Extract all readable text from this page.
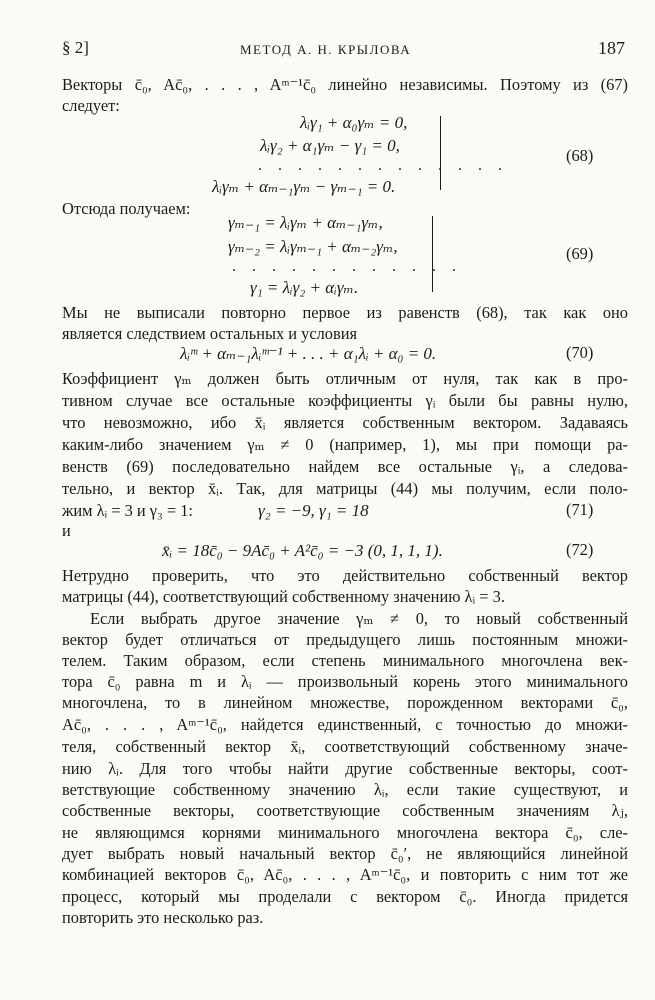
§ 2]	МЕТОД А. Н. КРЫЛОВА	187
Векторы c̄₀, Ac̄₀, . . . , Aᵐ⁻¹c̄₀ линейно независимы. Поэтому из (67)
следует:
λᵢγ₁ + α₀γₘ = 0,
λᵢγ₂ + α₁γₘ − γ₁ = 0,
. . . . . . . . . . . . .
λᵢγₘ + αₘ₋₁γₘ − γₘ₋₁ = 0.
(68)
Отсюда получаем:
γₘ₋₁ = λᵢγₘ + αₘ₋₁γₘ,
γₘ₋₂ = λᵢγₘ₋₁ + αₘ₋₂γₘ,
. . . . . . . . . . . .
γ₁ = λᵢγ₂ + αᵢγₘ.
(69)
Мы не выписали повторно первое из равенств (68), так как оно
является следствием остальных и условия
λᵢᵐ + αₘ₋₁λᵢᵐ⁻¹ + . . . + α₁λᵢ + α₀ = 0.	(70)
Коэффициент γₘ должен быть отличным от нуля, так как в про-
тивном случае все остальные коэффициенты γᵢ были бы равны нулю,
что невозможно, ибо x̄ᵢ является собственным вектором. Задаваясь
каким-либо значением γₘ ≠ 0 (например, 1), мы при помощи ра-
венств (69) последовательно найдем все остальные γᵢ, а следова-
тельно, и вектор x̄ᵢ. Так, для матрицы (44) мы получим, если поло-
жим λᵢ = 3 и γ₃ = 1:	γ₂ = −9, γ₁ = 18	(71)
и
x̄ᵢ = 18c̄₀ − 9Ac̄₀ + A²c̄₀ = −3 (0, 1, 1, 1).	(72)
Нетрудно проверить, что это действительно собственный вектор
матрицы (44), соответствующий собственному значению λᵢ = 3.
Если выбрать другое значение γₘ ≠ 0, то новый собственный
вектор будет отличаться от предыдущего лишь постоянным множи-
телем. Таким образом, если степень минимального многочлена век-
тора c̄₀ равна m и λᵢ — произвольный корень этого минимального
многочлена, то в линейном множестве, порожденном векторами c̄₀,
Ac̄₀, . . . , Aᵐ⁻¹c̄₀, найдется единственный, с точностью до множи-
теля, собственный вектор x̄ᵢ, соответствующий собственному значе-
нию λᵢ. Для того чтобы найти другие собственные векторы, соот-
ветствующие собственному значению λᵢ, если такие существуют, и
собственные векторы, соответствующие собственным значениям λⱼ,
не являющимся корнями минимального многочлена вектора c̄₀, сле-
дует выбрать новый начальный вектор c̄₀′, не являющийся линейной
комбинацией векторов c̄₀, Ac̄₀, . . . , Aᵐ⁻¹c̄₀, и повторить с ним тот же
процесс, который мы проделали с вектором c̄₀. Иногда придется
повторить это несколько раз.
